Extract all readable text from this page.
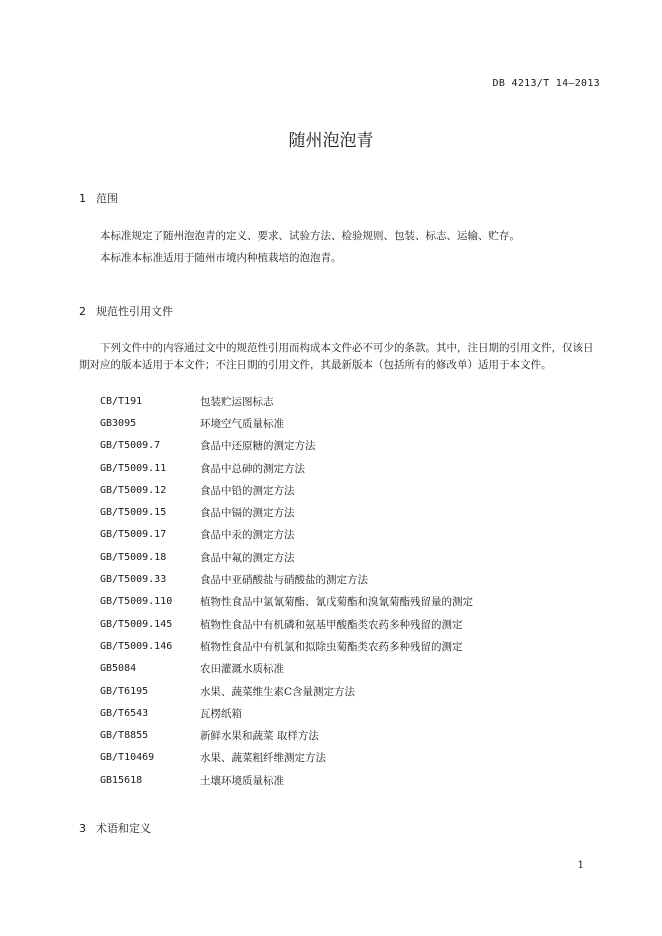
DB 4213/T 14—2013
随州泡泡青
1 范围

本标准规定了随州泡泡青的定义、要求、试验方法、检验规则、包装、标志、运输、贮存。

本标准本标准适用于随州市境内种植栽培的泡泡青。

2 规范性引用文件

下列文件中的内容通过文中的规范性引用而构成本文件必不可少的条款。其中，注日期的引用文件，仅该日期对应的版本适用于本文件；不注日期的引用文件，其最新版本（包括所有的修改单）适用于本文件。

CB/T191	包装贮运图标志
GB3095	环境空气质量标准
GB/T5009.7	食品中还原糖的测定方法
GB/T5009.11	食品中总砷的测定方法
GB/T5009.12	食品中铅的测定方法
GB/T5009.15	食品中镉的测定方法
GB/T5009.17	食品中汞的测定方法
GB/T5009.18	食品中氟的测定方法
GB/T5009.33	食品中亚硝酸盐与硝酸盐的测定方法
GB/T5009.110	植物性食品中氯氰菊酯、氰戊菊酯和溴氰菊酯残留量的测定
GB/T5009.145	植物性食品中有机磷和氨基甲酸酯类农药多种残留的测定
GB/T5009.146	植物性食品中有机氯和拟除虫菊酯类农药多种残留的测定
GB5084	农田灌溉水质标准
GB/T6195	水果、蔬菜维生素C含量测定方法
GB/T6543	瓦楞纸箱
GB/T8855	新鲜水果和蔬菜 取样方法
GB/T10469	水果、蔬菜粗纤维测定方法
GB15618	土壤环境质量标准
3 术语和定义
1
